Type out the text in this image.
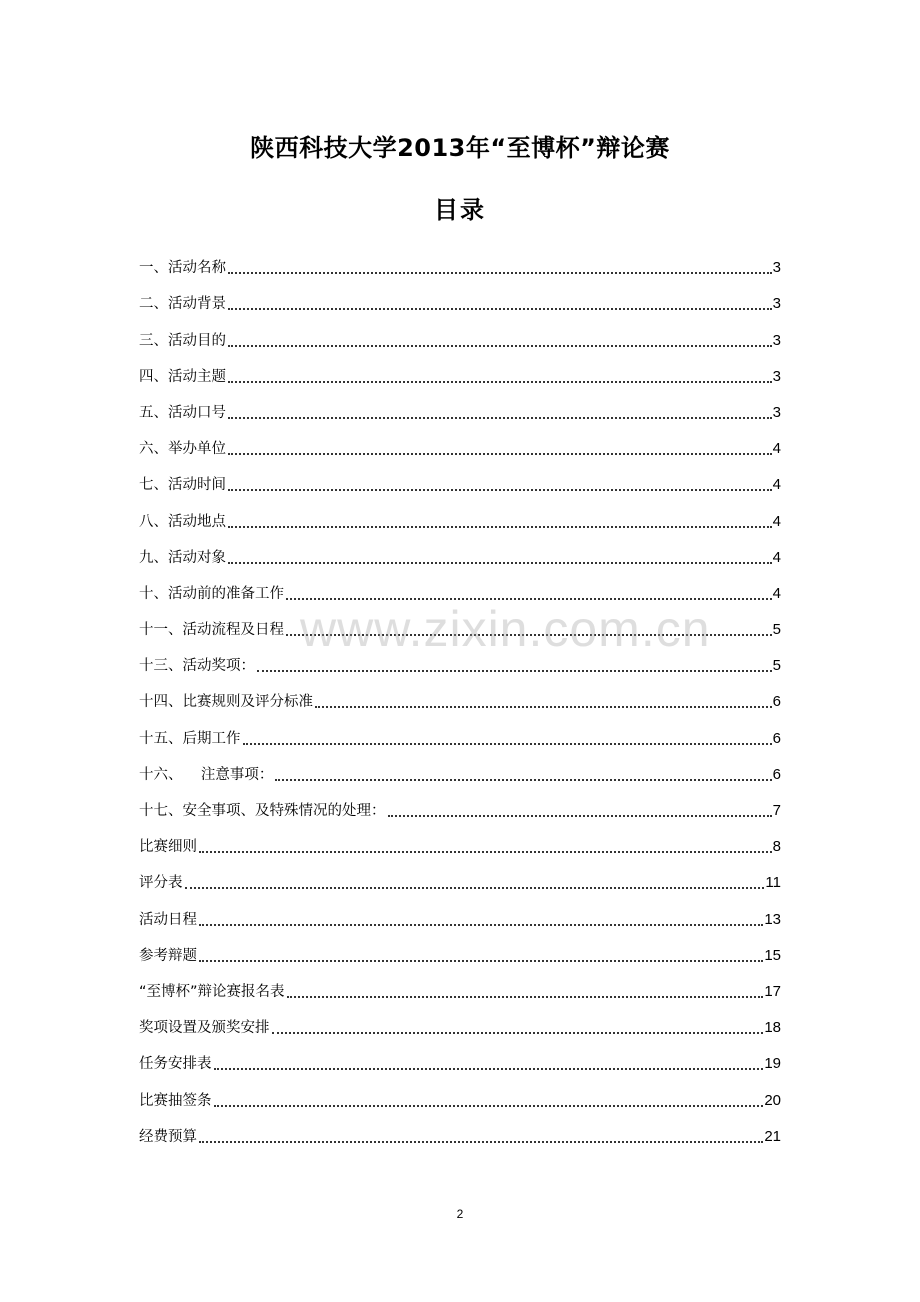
陕西科技大学2013年“至博杯”辩论赛
目录
一、活动名称	3
二、活动背景	3
三、活动目的	3
四、活动主题	3
五、活动口号	3
六、举办单位	4
七、活动时间	4
八、活动地点	4
九、活动对象	4
十、活动前的准备工作	4
十一、活动流程及日程	5
十三、活动奖项：	5
十四、比赛规则及评分标准	6
十五、后期工作	6
十六、    注意事项：	6
十七、安全事项、及特殊情况的处理：	7
比赛细则	8
评分表	11
活动日程	13
参考辩题	15
“至博杯”辩论赛报名表	17
奖项设置及颁奖安排	18
任务安排表	19
比赛抽签条	20
经费预算	21
www.zixin.com.cn
2
